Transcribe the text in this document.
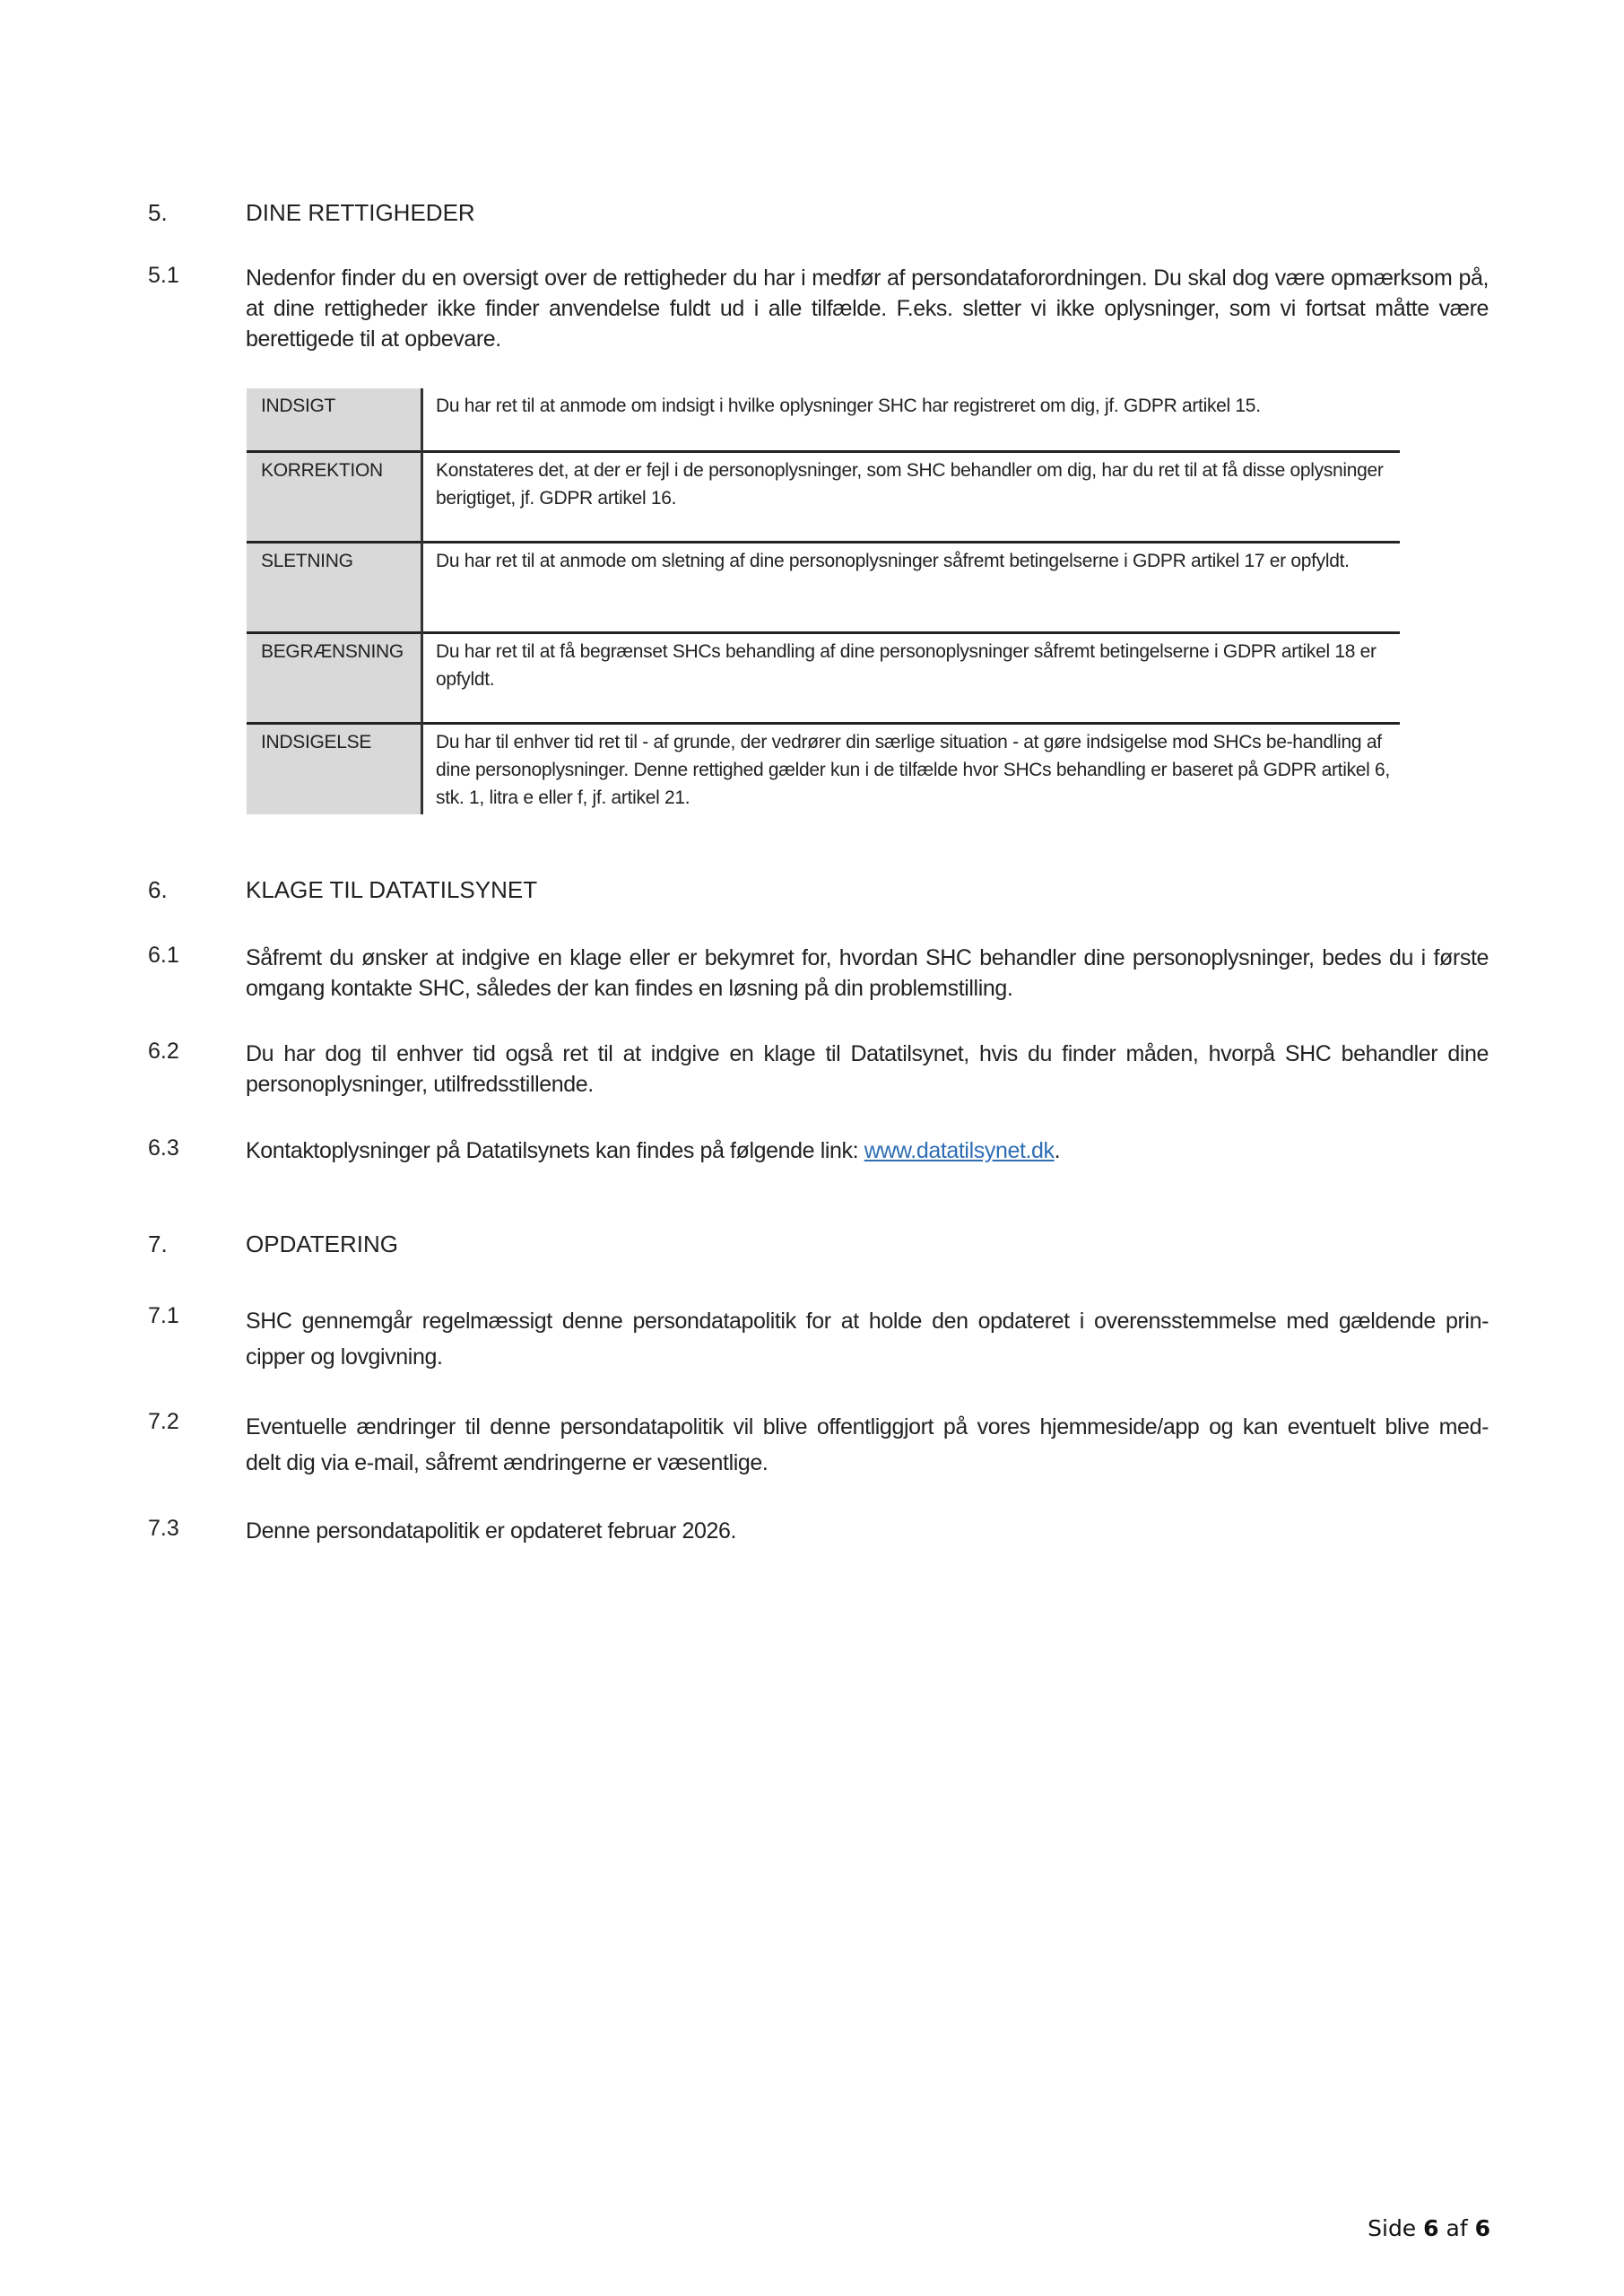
5.	DINE RETTIGHEDER
5.1	Nedenfor finder du en oversigt over de rettigheder du har i medfør af persondataforordningen. Du skal dog være opmærksom på, at dine rettigheder ikke finder anvendelse fuldt ud i alle tilfælde. F.eks. sletter vi ikke oplysninger, som vi fortsat måtte være berettigede til at opbevare.
INDSIGT	Du har ret til at anmode om indsigt i hvilke oplysninger SHC har registreret om dig, jf. GDPR artikel 15.
KORREKTION	Konstateres det, at der er fejl i de personoplysninger, som SHC behandler om dig, har du ret til at få disse oplysninger berigtiget, jf. GDPR artikel 16.
SLETNING	Du har ret til at anmode om sletning af dine personoplysninger såfremt betingelserne i GDPR artikel 17 er opfyldt.
BEGRÆNSNING	Du har ret til at få begrænset SHCs behandling af dine personoplysninger såfremt betingelserne i GDPR artikel 18 er opfyldt.
INDSIGELSE	Du har til enhver tid ret til - af grunde, der vedrører din særlige situation - at gøre indsigelse mod SHCs be-handling af dine personoplysninger. Denne rettighed gælder kun i de tilfælde hvor SHCs behandling er baseret på GDPR artikel 6, stk. 1, litra e eller f, jf. artikel 21.
6.	KLAGE TIL DATATILSYNET
6.1	Såfremt du ønsker at indgive en klage eller er bekymret for, hvordan SHC behandler dine personoplysninger, bedes du i første omgang kontakte SHC, således der kan findes en løsning på din problemstilling.
6.2	Du har dog til enhver tid også ret til at indgive en klage til Datatilsynet, hvis du finder måden, hvorpå SHC behandler dine personoplysninger, utilfredsstillende.
6.3	Kontaktoplysninger på Datatilsynets kan findes på følgende link: www.datatilsynet.dk.
7.	OPDATERING
7.1	SHC gennemgår regelmæssigt denne persondatapolitik for at holde den opdateret i overensstemmelse med gældende prin-
cipper og lovgivning.
7.2	Eventuelle ændringer til denne persondatapolitik vil blive offentliggjort på vores hjemmeside/app og kan eventuelt blive med-
delt dig via e-mail, såfremt ændringerne er væsentlige.
7.3	Denne persondatapolitik er opdateret februar 2026.
Side 6 af 6
